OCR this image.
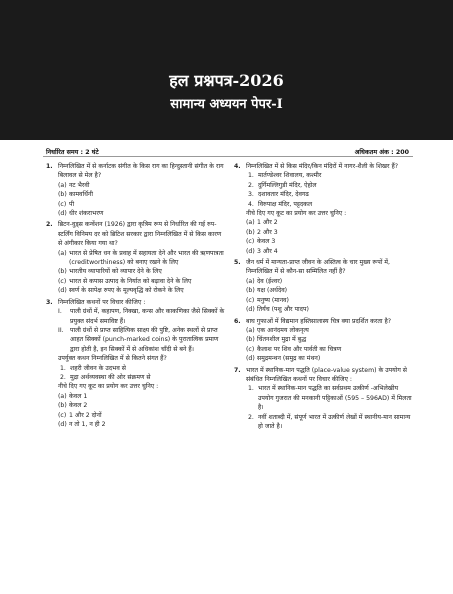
हल प्रश्नपत्र-2026
सामान्य अध्ययन पेपर-I
निर्धारित समय : 2 घंटे	अधिकतम अंक : 200
1. निम्नलिखित में से कर्नाटक संगीत के किस राग का हिन्दुस्तानी संगीत के राग बिलावल से मेल है?
(a) नट भैरवी
(b) कामवर्धिनी
(c) पी
(d) धीर शंकराभरण
2. ब्रिटन-वुड्स कन्वेंशन (1926) द्वारा कृत्रिम रूप से निर्धारित की गई रुप-स्टर्लिंग विनिमय दर को ब्रिटिश सरकार द्वारा निम्नलिखित में से किस कारण से अंगीकार किया गया था?
(a) भारत से प्रेषित धन के प्रवाह में सहायता देने और भारत की ऋणपात्रता (creditworthiness) को बनाए रखने के लिए
(b) भारतीय व्यापारियों को व्यापार देने के लिए
(c) भारत से कपास उत्पाद के निर्यात को बढ़ावा देने के लिए
(d) स्वर्ण के सापेक्ष रुपए के मूल्यवृद्धि को रोकने के लिए
3. निम्नलिखित कथनों पर विचार कीजिए :
I. पाली ग्रंथों में, कहापण, निक्खा, कन्स और काकणिका जैसे सिक्कों के प्रयुक्त संदर्भ समाविष्ट हैं।
II. पाली ग्रंथों से प्राप्त साहित्यिक साक्ष्य की पुष्टि, अनेक स्थलों से प्राप्त आहत सिक्कों (punch-marked coins) के पुरातात्विक प्रमाण द्वारा होती है, इन सिक्कों में से अधिकांश चाँदी से बने हैं।
उपर्युक्त कथन निम्नलिखित में से कितने संगत हैं?
1. शहरी जीवन के उदभव से
2. मुद्रा अर्थव्यवस्था की ओर संक्रमण से
नीचे दिए गए कूट का प्रयोग कर उत्तर चुनिए :
(a) केवल 1
(b) केवल 2
(c) 1 और 2 दोनों
(d) न तो 1, न ही 2
4. निम्नलिखित में से किस मंदिर/किन मंदिरों में नागर-शैली के शिखर हैं?
1. मार्तण्डेश्वर शिवालय, कश्मीर
2. दुर्गिमल्लिगुडी मंदिर, ऐहोल
3. दशावतार मंदिर, देवगढ
4. विरुपाक्ष मंदिर, पट्टदकल
नीचे दिए गए कूट का प्रयोग कर उत्तर चुनिए :
(a) 1 और 2
(b) 2 और 3
(c) केवल 3
(d) 3 और 4
5. जैन धर्म में मान्यता-प्राप्त जीवन के अस्तित्व के चार मुख्य रूपों में, निम्नलिखित में से कौन-सा सम्मिलित नहीं है?
(a) देव (ईश्वर)
(b) यक्ष (अर्धदेव)
(c) मनुष्य (मानव)
(d) तिर्यंच (पशु और पादप)
6. बाघ गुफाओं में विद्यमान हस्तिसालास्य चित्र क्या प्रदर्शित करता है?
(a) एक आनंदमय लोकनृत्य
(b) चिंतनशील मुद्रा में बुद्ध
(c) कैलाश पर शिव और पार्वती का चित्रण
(d) समुद्रमन्थन (समुद्र का मंथन)
7. भारत में स्थानिक-मान पद्धति (place-value system) के उपयोग से संबंधित निम्नलिखित कथनों पर विचार कीजिए :
1. भारत में स्थानिक-मान पद्धति का सर्वप्रथम उत्कीर्ण -अभिलेखीय उपयोग गुजरात की मनकानी पट्टिकाओं (595 – 596AD) में मिलता है।
2. नवीं शताब्दी में, संपूर्ण भारत में उत्कीर्ण लेखों में स्थानीय-मान सामान्य हो जाते है।
